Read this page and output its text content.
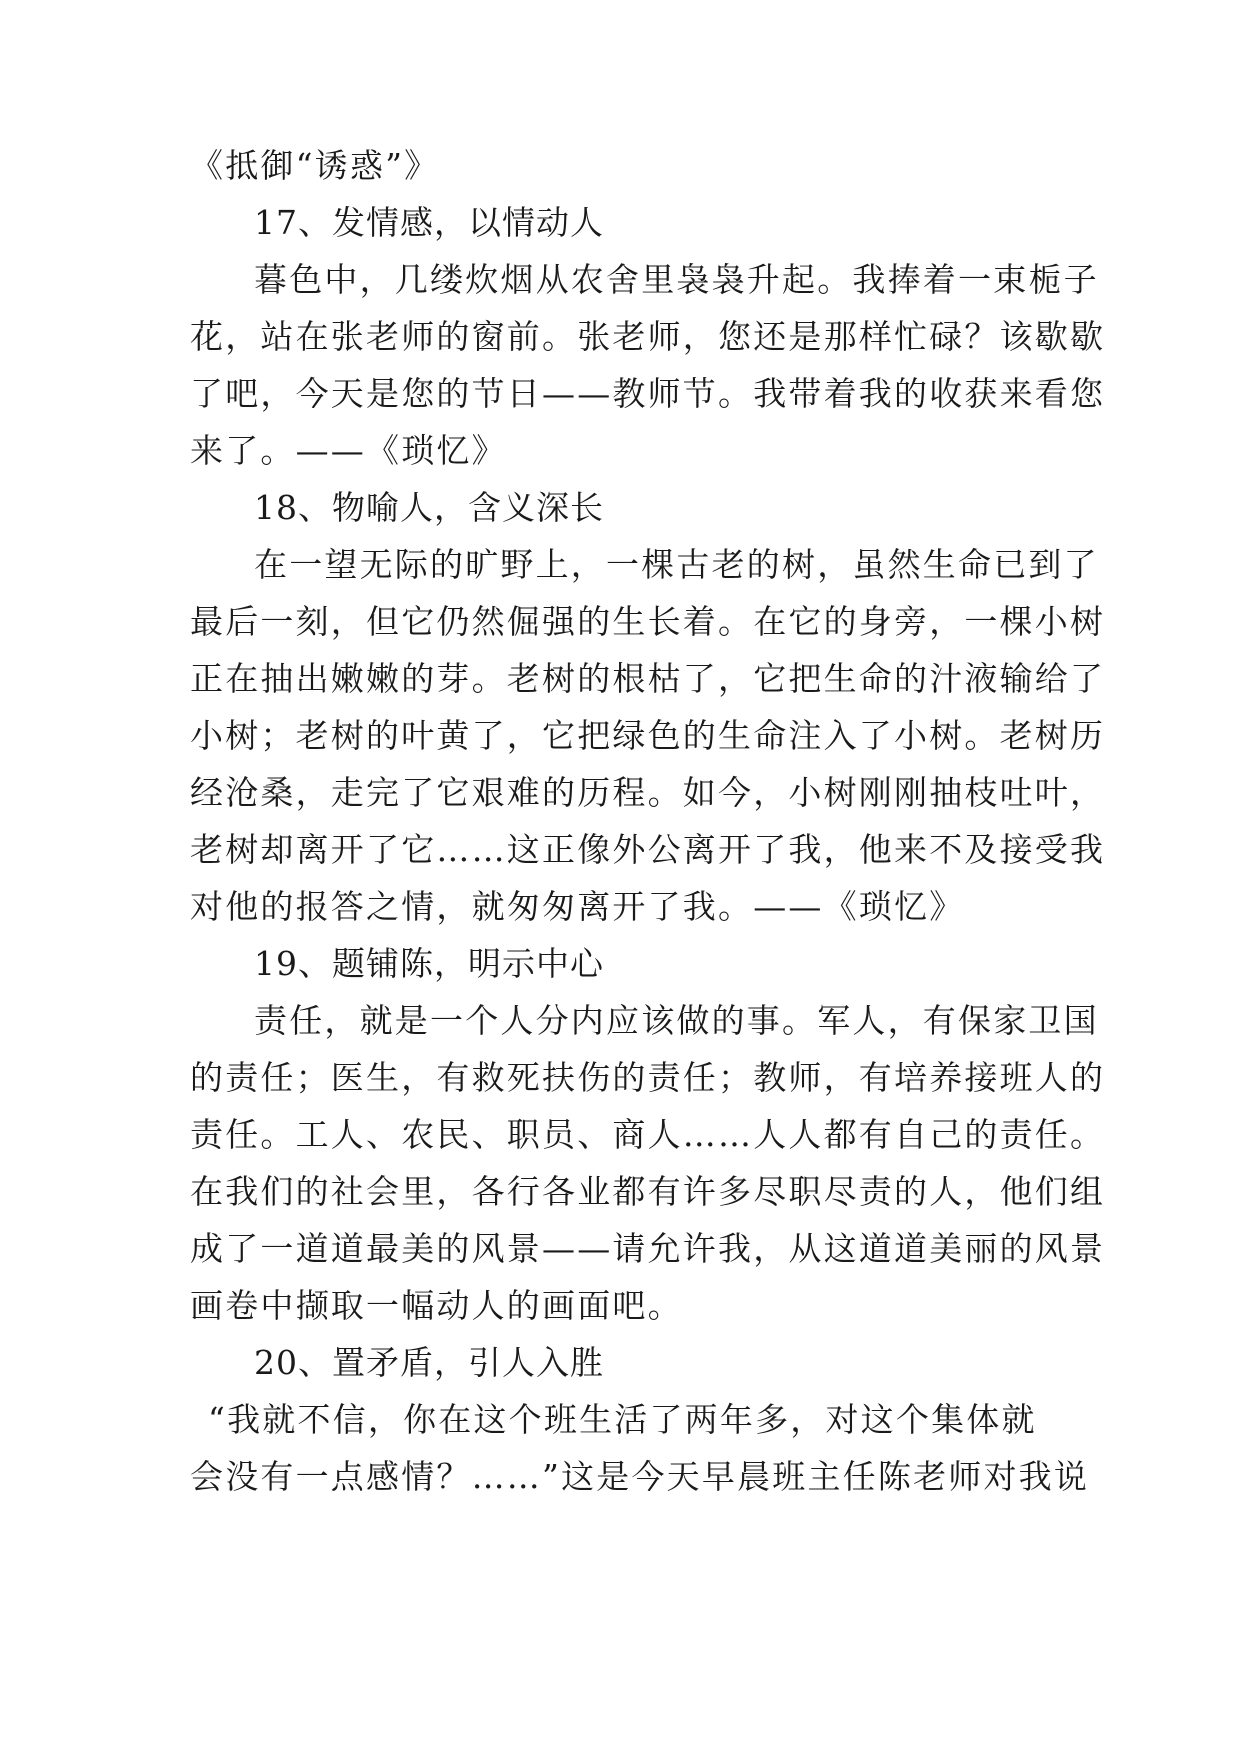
《抵御“诱惑”》
17、发情感，以情动人
暮色中，几缕炊烟从农舍里袅袅升起。我捧着一束栀子
花，站在张老师的窗前。张老师，您还是那样忙碌？该歇歇
了吧，今天是您的节日——教师节。我带着我的收获来看您
来了。——《琐忆》
18、物喻人，含义深长
在一望无际的旷野上，一棵古老的树，虽然生命已到了
最后一刻，但它仍然倔强的生长着。在它的身旁，一棵小树
正在抽出嫩嫩的芽。老树的根枯了，它把生命的汁液输给了
小树；老树的叶黄了，它把绿色的生命注入了小树。老树历
经沧桑，走完了它艰难的历程。如今，小树刚刚抽枝吐叶，
老树却离开了它……这正像外公离开了我，他来不及接受我
对他的报答之情，就匆匆离开了我。——《琐忆》
19、题铺陈，明示中心
责任，就是一个人分内应该做的事。军人，有保家卫国
的责任；医生，有救死扶伤的责任；教师，有培养接班人的
责任。工人、农民、职员、商人……人人都有自己的责任。
在我们的社会里，各行各业都有许多尽职尽责的人，他们组
成了一道道最美的风景——请允许我，从这道道美丽的风景
画卷中撷取一幅动人的画面吧。
20、置矛盾，引人入胜
“我就不信，你在这个班生活了两年多，对这个集体就
会没有一点感情？……”这是今天早晨班主任陈老师对我说
